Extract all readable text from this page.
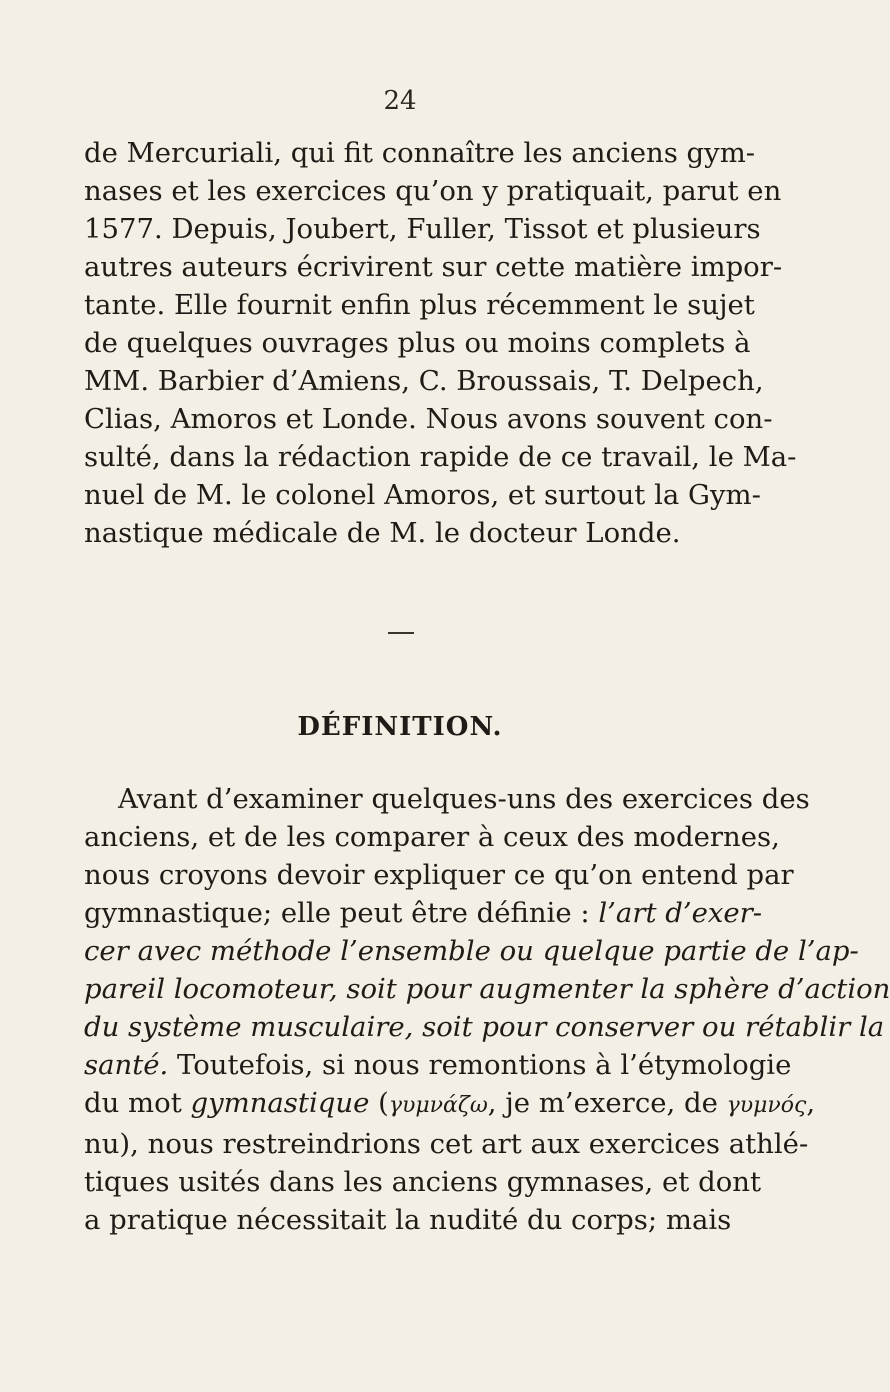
24
de Mercuriali, qui fit connaître les anciens gym-
nases et les exercices qu’on y pratiquait, parut en
1577. Depuis, Joubert, Fuller, Tissot et plusieurs
autres auteurs écrivirent sur cette matière impor-
tante. Elle fournit enfin plus récemment le sujet
de quelques ouvrages plus ou moins complets à
MM. Barbier d’Amiens, C. Broussais, T. Delpech,
Clias, Amoros et Londe. Nous avons souvent con-
sulté, dans la rédaction rapide de ce travail, le Ma-
nuel de M. le colonel Amoros, et surtout la Gym-
nastique médicale de M. le docteur Londe.
DÉFINITION.
Avant d’examiner quelques-uns des exercices des
anciens, et de les comparer à ceux des modernes,
nous croyons devoir expliquer ce qu’on entend par
gymnastique; elle peut être définie : l’art d’exer-
cer avec méthode l’ensemble ou quelque partie de l’ap-
pareil locomoteur, soit pour augmenter la sphère d’action
du système musculaire, soit pour conserver ou rétablir la
santé. Toutefois, si nous remontions à l’étymologie
du mot gymnastique (γυμνάζω, je m’exerce, de γυμνός,
nu), nous restreindrions cet art aux exercices athlé-
tiques usités dans les anciens gymnases, et dont
a pratique nécessitait la nudité du corps; mais
